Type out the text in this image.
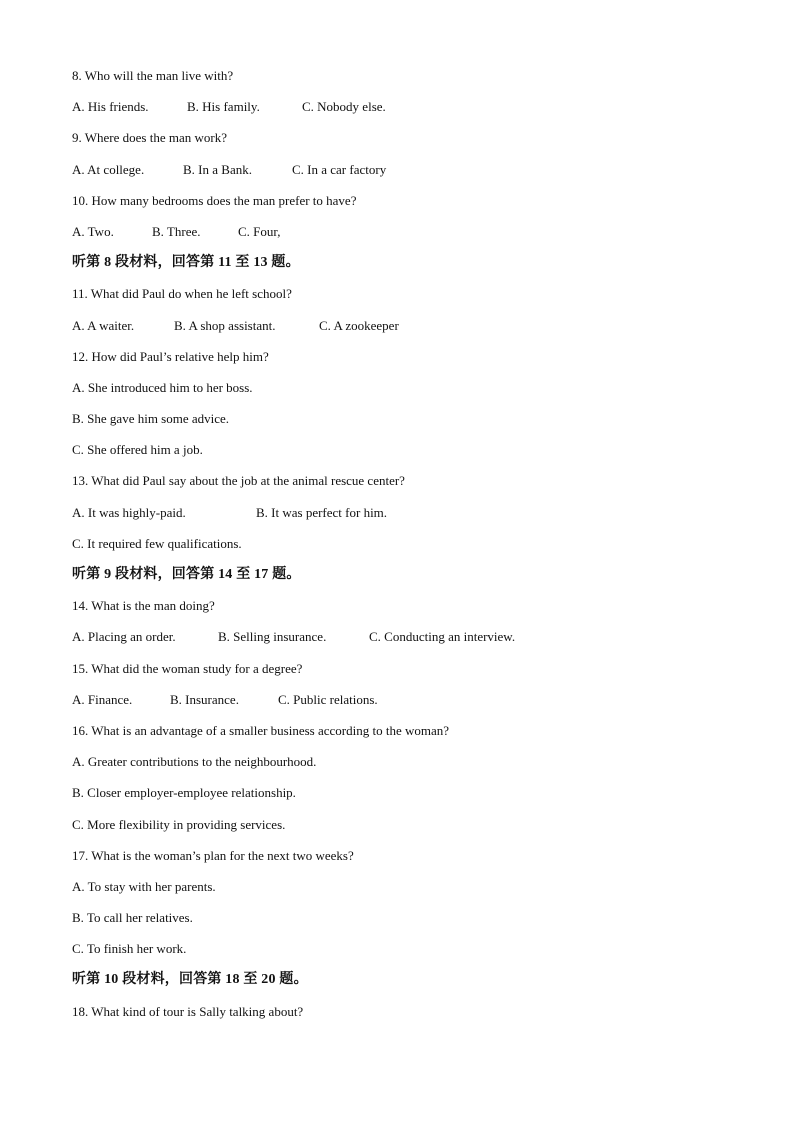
8. Who will the man live with?
A. His friends.	B. His family.	C. Nobody else.
9. Where does the man work?
A. At college.	B. In a Bank.	C. In a car factory
10. How many bedrooms does the man prefer to have?
A. Two.	B. Three.	C. Four,
听第 8 段材料，回答第 11 至 13 题。
11. What did Paul do when he left school?
A. A waiter.	B. A shop assistant.	C. A zookeeper
12. How did Paul’s relative help him?
A. She introduced him to her boss.
B. She gave him some advice.
C. She offered him a job.
13. What did Paul say about the job at the animal rescue center?
A. It was highly-paid.	B. It was perfect for him.
C. It required few qualifications.
听第 9 段材料，回答第 14 至 17 题。
14. What is the man doing?
A. Placing an order.	B. Selling insurance.	C. Conducting an interview.
15. What did the woman study for a degree?
A. Finance.	B. Insurance.	C. Public relations.
16. What is an advantage of a smaller business according to the woman?
A. Greater contributions to the neighbourhood.
B. Closer employer-employee relationship.
C. More flexibility in providing services.
17. What is the woman’s plan for the next two weeks?
A. To stay with her parents.
B. To call her relatives.
C. To finish her work.
听第 10 段材料，回答第 18 至 20 题。
18. What kind of tour is Sally talking about?
